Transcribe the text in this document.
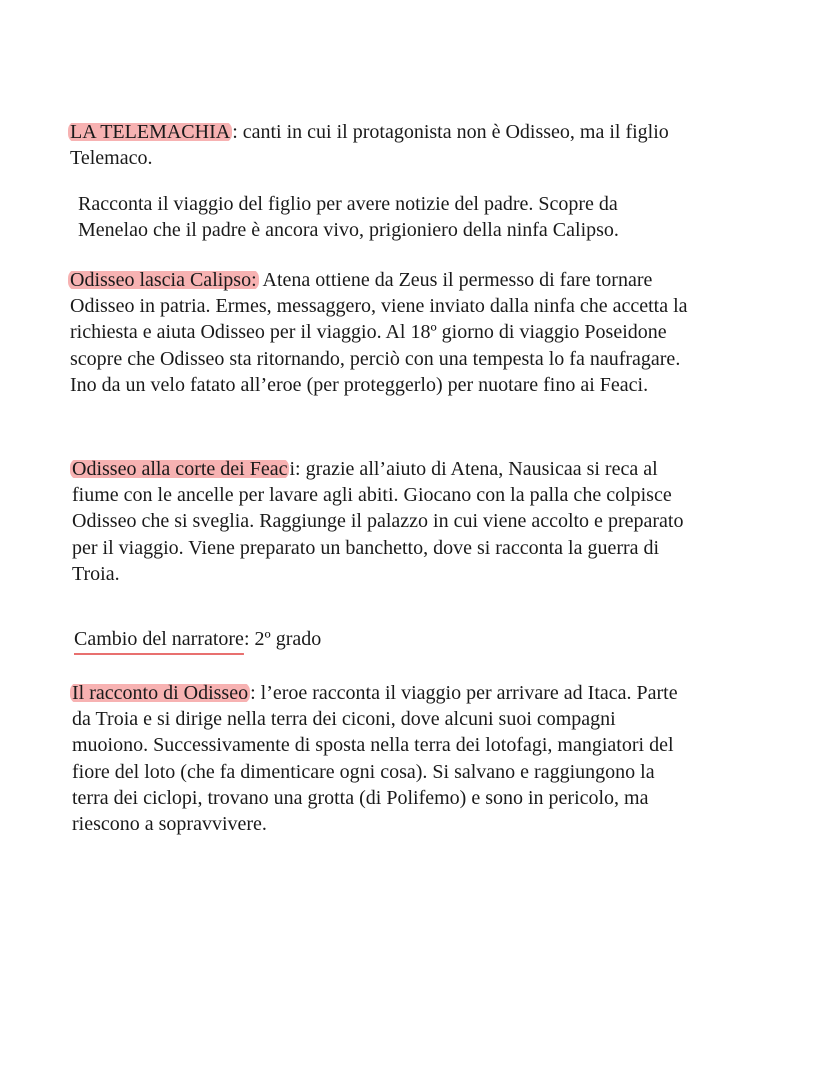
LA TELEMACHIA : canti in cui il protagonista non è Odisseo, ma il figlio
Telemaco.

Racconta il viaggio del figlio per avere notizie del padre. Scopre da
Menelao che il padre è ancora vivo, prigioniero della ninfa Calipso.

Odisseo lascia Calipso: Atena ottiene da Zeus il permesso di fare tornare
Odisseo in patria. Ermes, messaggero, viene inviato dalla ninfa che accetta la
richiesta e aiuta Odisseo per il viaggio. Al 18º giorno di viaggio Poseidone
scopre che Odisseo sta ritornando, perciò con una tempesta lo fa naufragare.
Ino da un velo fatato all’eroe (per proteggerlo) per nuotare fino ai Feaci.

Odisseo alla corte dei Feac i: grazie all’aiuto di Atena, Nausicaa si reca al
fiume con le ancelle per lavare agli abiti. Giocano con la palla che colpisce
Odisseo che si sveglia. Raggiunge il palazzo in cui viene accolto e preparato
per il viaggio. Viene preparato un banchetto, dove si racconta la guerra di
Troia.

Cambio del narratore: 2º grado

Il racconto di Odisseo : l’eroe racconta il viaggio per arrivare ad Itaca. Parte
da Troia e si dirige nella terra dei ciconi, dove alcuni suoi compagni
muoiono. Successivamente di sposta nella terra dei lotofagi, mangiatori del
fiore del loto (che fa dimenticare ogni cosa). Si salvano e raggiungono la
terra dei ciclopi, trovano una grotta (di Polifemo) e sono in pericolo, ma
riescono a sopravvivere.
